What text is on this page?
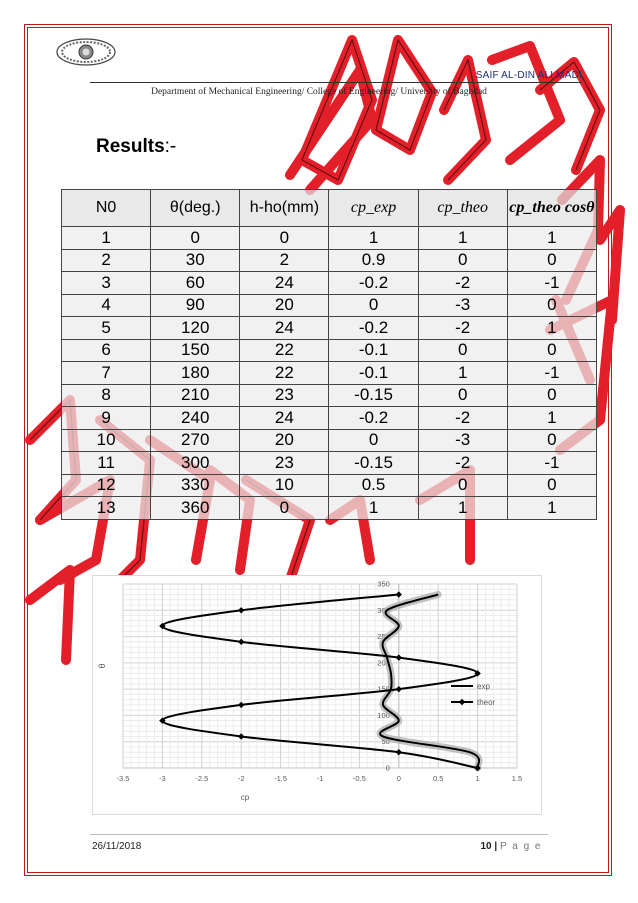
SAIF AL-DIN ALI MADI
Department of Mechanical Engineering/ College of Engineering/ University of Baghdad
Results:-
N0	θ(deg.)	h-ho(mm)	cp_exp	cp_theo	cp_theo cosθ
1	0	0	1	1	1
2	30	2	0.9	0	0
3	60	24	-0.2	-2	-1
4	90	20	0	-3	0
5	120	24	-0.2	-2	1
6	150	22	-0.1	0	0
7	180	22	-0.1	1	-1
8	210	23	-0.15	0	0
9	240	24	-0.2	-2	1
10	270	20	0	-3	0
11	300	23	-0.15	-2	-1
12	330	10	0.5	0	0
13	360	0	1	1	1
-3.5	-3	-2.5	-2	-1.5	-1	-0.5	0	0.5	1	1.5
0
50
100
150
200
250
300
350
cp
θ
exp
theor
26/11/2018	10 | P a g e
